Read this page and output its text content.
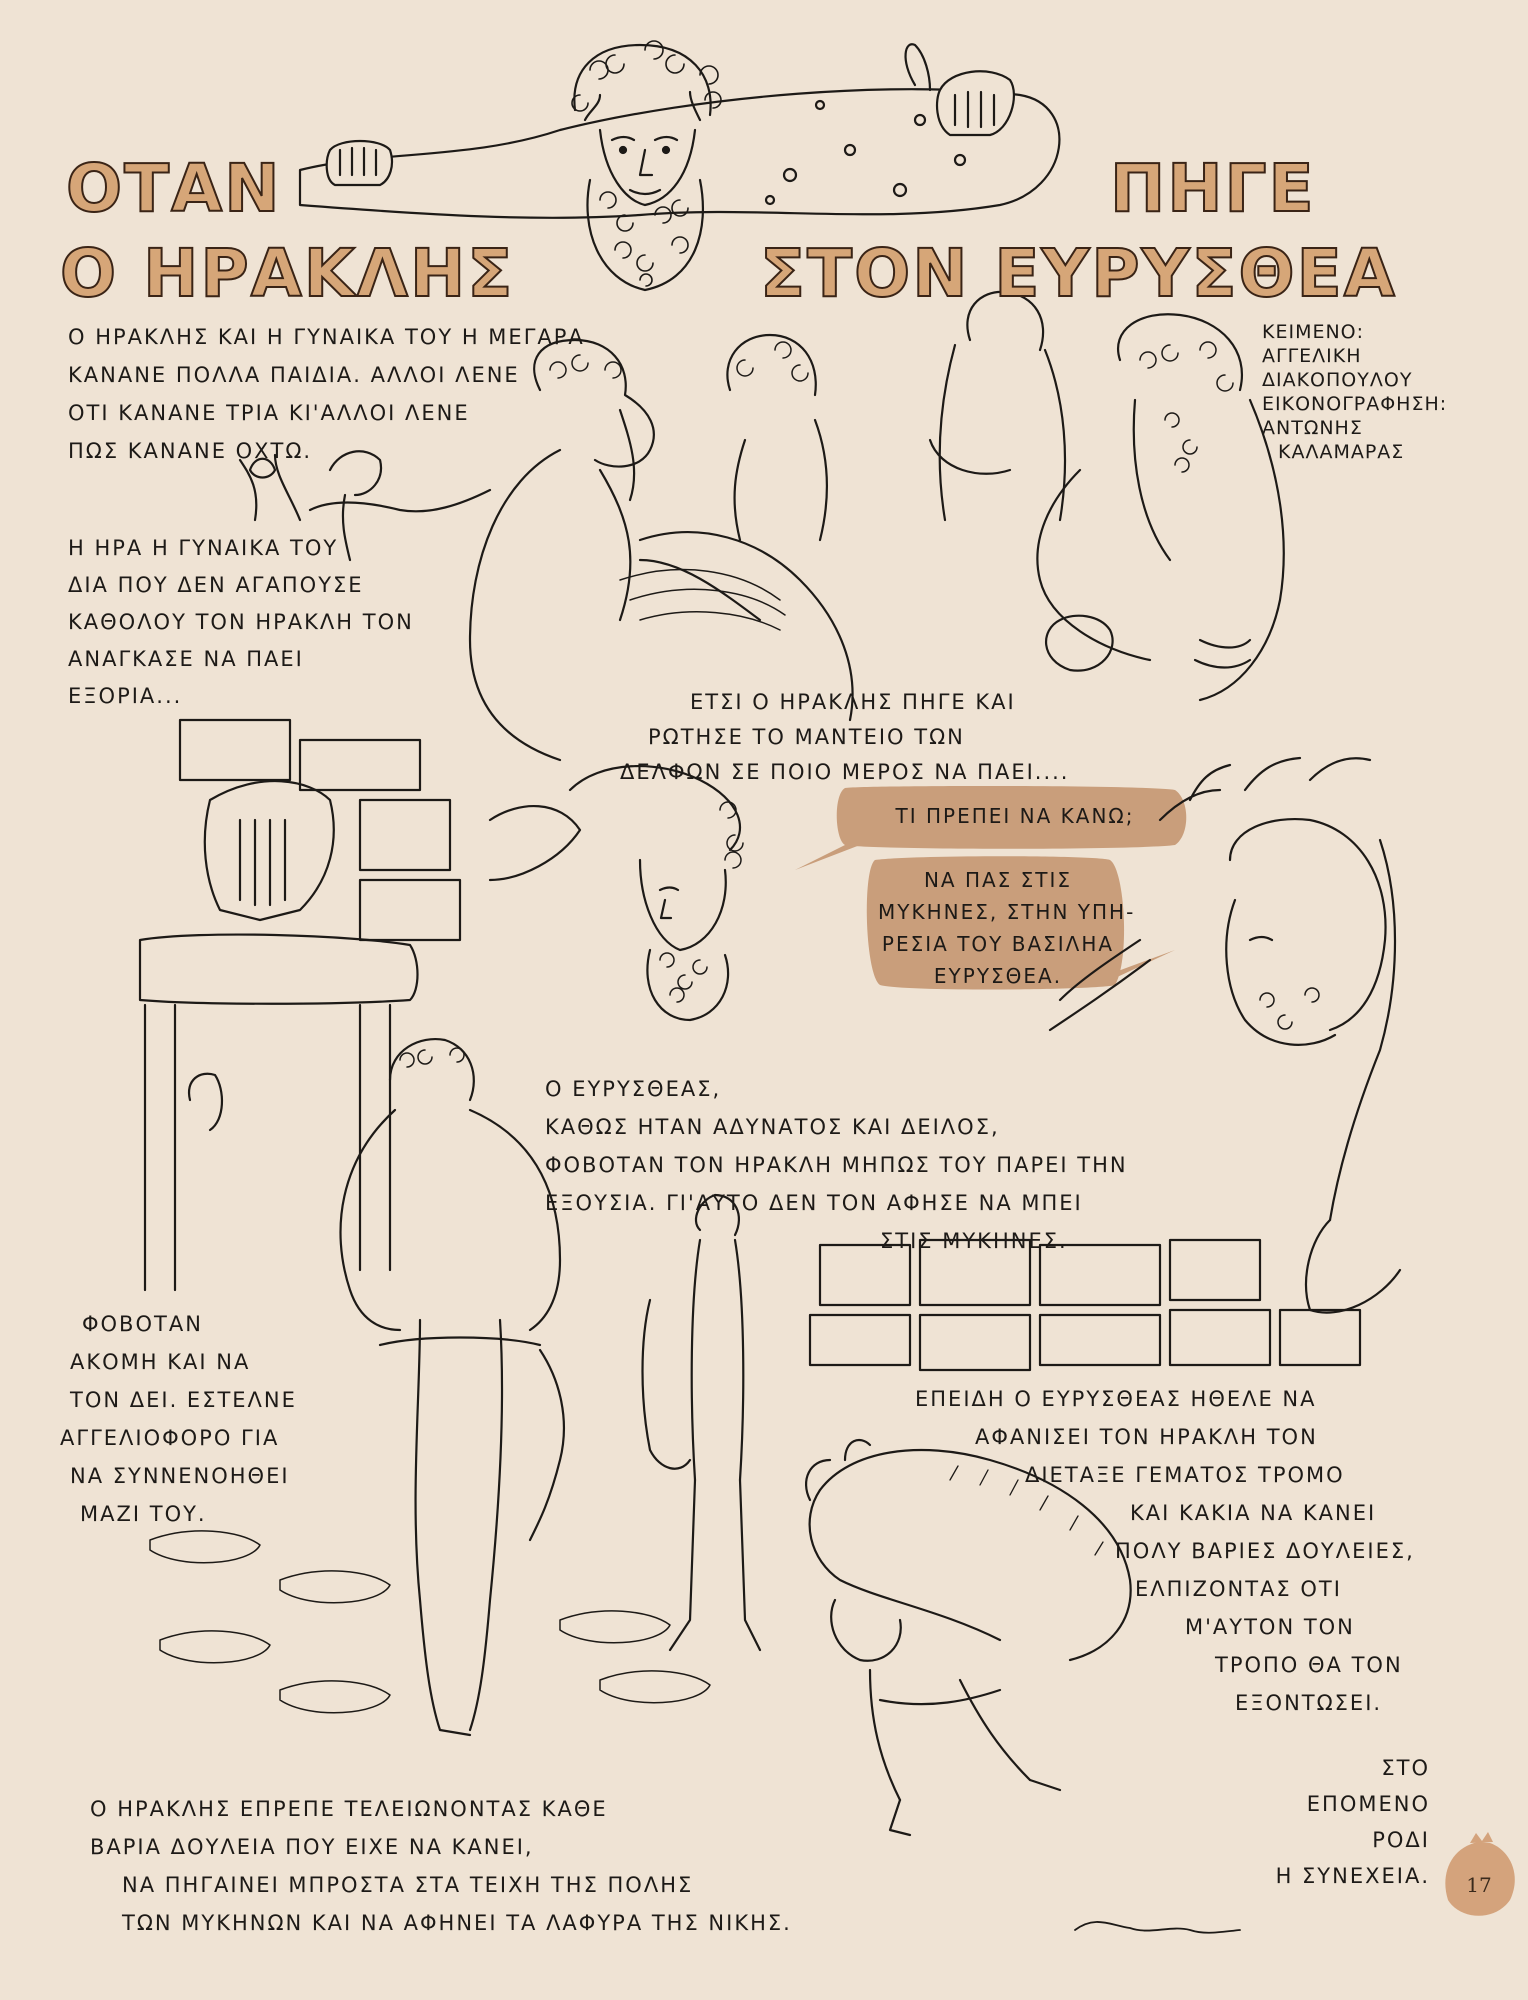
ΟΤΑΝ	ΠΗΓΕ
Ο ΗΡΑΚΛΗΣ	ΣΤΟΝ ΕΥΡΥΣΘΕΑ
ΚΕΙΜΕΝΟ:
ΑΓΓΕΛΙΚΗ
ΔΙΑΚΟΠΟΥΛΟΥ
ΕΙΚΟΝΟΓΡΑΦΗΣΗ:
ΑΝΤΩΝΗΣ
ΚΑΛΑΜΑΡΑΣ
Ο ΗΡΑΚΛΗΣ ΚΑΙ Η ΓΥΝΑΙΚΑ ΤΟΥ Η ΜΕΓΑΡΑ
ΚΑΝΑΝΕ ΠΟΛΛΑ ΠΑΙΔΙΑ. ΑΛΛΟΙ ΛΕΝΕ
ΟΤΙ ΚΑΝΑΝΕ ΤΡΙΑ ΚΙ'ΑΛΛΟΙ ΛΕΝΕ
ΠΩΣ ΚΑΝΑΝΕ ΟΧΤΩ.
Η ΗΡΑ Η ΓΥΝΑΙΚΑ ΤΟΥ
ΔΙΑ ΠΟΥ ΔΕΝ ΑΓΑΠΟΥΣΕ
ΚΑΘΟΛΟΥ ΤΟΝ ΗΡΑΚΛΗ ΤΟΝ
ΑΝΑΓΚΑΣΕ ΝΑ ΠΑΕΙ
ΕΞΟΡΙΑ...	ΕΤΣΙ Ο ΗΡΑΚΛΗΣ ΠΗΓΕ ΚΑΙ
ΡΩΤΗΣΕ ΤΟ ΜΑΝΤΕΙΟ ΤΩΝ
ΔΕΛΦΩΝ ΣΕ ΠΟΙΟ ΜΕΡΟΣ ΝΑ ΠΑΕΙ....
ΤΙ ΠΡΕΠΕΙ ΝΑ ΚΑΝΩ;
ΝΑ ΠΑΣ ΣΤΙΣ
ΜΥΚΗΝΕΣ, ΣΤΗΝ ΥΠΗ-
ΡΕΣΙΑ ΤΟΥ ΒΑΣΙΛΗΑ
ΕΥΡΥΣΘΕΑ.
Ο ΕΥΡΥΣΘΕΑΣ,
ΚΑΘΩΣ ΗΤΑΝ ΑΔΥΝΑΤΟΣ ΚΑΙ ΔΕΙΛΟΣ,
ΦΟΒΟΤΑΝ ΤΟΝ ΗΡΑΚΛΗ ΜΗΠΩΣ ΤΟΥ ΠΑΡΕΙ ΤΗΝ
ΕΞΟΥΣΙΑ. ΓΙ'ΑΥΤΟ ΔΕΝ ΤΟΝ ΑΦΗΣΕ ΝΑ ΜΠΕΙ
ΣΤΙΣ ΜΥΚΗΝΕΣ.
ΦΟΒΟΤΑΝ
ΑΚΟΜΗ ΚΑΙ ΝΑ
ΤΟΝ ΔΕΙ. ΕΣΤΕΛΝΕ
ΑΓΓΕΛΙΟΦΟΡΟ ΓΙΑ
ΝΑ ΣΥΝΝΕΝΟΗΘΕΙ
ΜΑΖΙ ΤΟΥ.
ΕΠΕΙΔΗ Ο ΕΥΡΥΣΘΕΑΣ ΗΘΕΛΕ ΝΑ
ΑΦΑΝΙΣΕΙ ΤΟΝ ΗΡΑΚΛΗ ΤΟΝ
ΔΙΕΤΑΞΕ ΓΕΜΑΤΟΣ ΤΡΟΜΟ
ΚΑΙ ΚΑΚΙΑ ΝΑ ΚΑΝΕΙ
ΠΟΛΥ ΒΑΡΙΕΣ ΔΟΥΛΕΙΕΣ,
ΕΛΠΙΖΟΝΤΑΣ ΟΤΙ
Μ'ΑΥΤΟΝ ΤΟΝ
ΤΡΟΠΟ ΘΑ ΤΟΝ
ΕΞΟΝΤΩΣΕΙ.
Ο ΗΡΑΚΛΗΣ ΕΠΡΕΠΕ ΤΕΛΕΙΩΝΟΝΤΑΣ ΚΑΘΕ
ΒΑΡΙΑ ΔΟΥΛΕΙΑ ΠΟΥ ΕΙΧΕ ΝΑ ΚΑΝΕΙ,
ΝΑ ΠΗΓΑΙΝΕΙ ΜΠΡΟΣΤΑ ΣΤΑ ΤΕΙΧΗ ΤΗΣ ΠΟΛΗΣ
ΤΩΝ ΜΥΚΗΝΩΝ ΚΑΙ ΝΑ ΑΦΗΝΕΙ ΤΑ ΛΑΦΥΡΑ ΤΗΣ ΝΙΚΗΣ.
ΣΤΟ
ΕΠΟΜΕΝΟ
ΡΟΔΙ
Η ΣΥΝΕΧΕΙΑ.	17
